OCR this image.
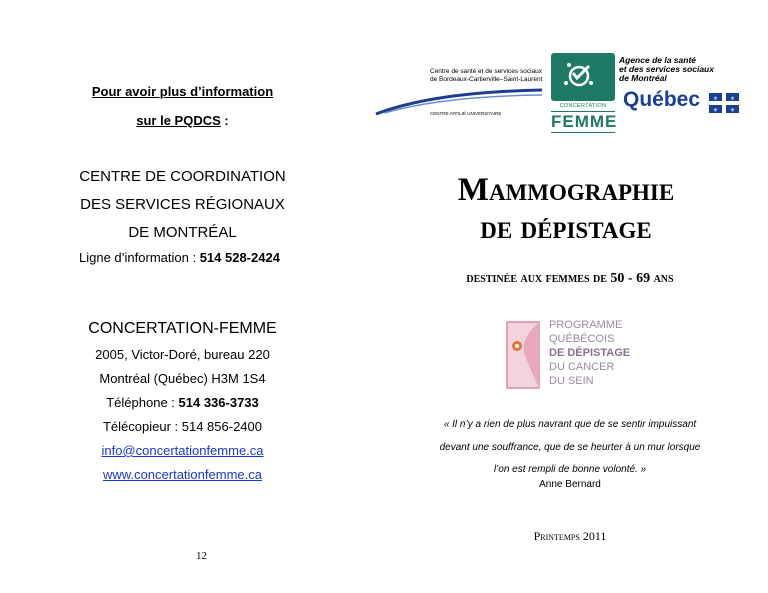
Pour avoir plus d’information
sur le PQDCS :
CENTRE DE COORDINATION
DES SERVICES RÉGIONAUX
DE MONTRÉAL
Ligne d’information : 514 528-2424
CONCERTATION-FEMME
2005, Victor-Doré, bureau 220
Montréal (Québec) H3M 1S4
Téléphone : 514 336-3733
Télécopieur : 514 856-2400
info@concertationfemme.ca
www.concertationfemme.ca
12
Centre de santé et de services sociaux
de Bordeaux-Cartierville–Saint-Laurent
CENTRE AFFILIÉ UNIVERSITAIRE
CONCERTATION
FEMME
Agence de la santé
et des services sociaux
de Montréal
Québec ⚜ ⚜
⚜ ⚜
Mammographie
de dépistage
destinée aux femmes de 50 - 69 ans
PROGRAMME
QUÉBÉCOIS
DE DÉPISTAGE
DU CANCER
DU SEIN
« Il n’y a rien de plus navrant que de se sentir impuissant
devant une souffrance, que de se heurter à un mur lorsque
l’on est rempli de bonne volonté. »
Anne Bernard
Printemps 2011
